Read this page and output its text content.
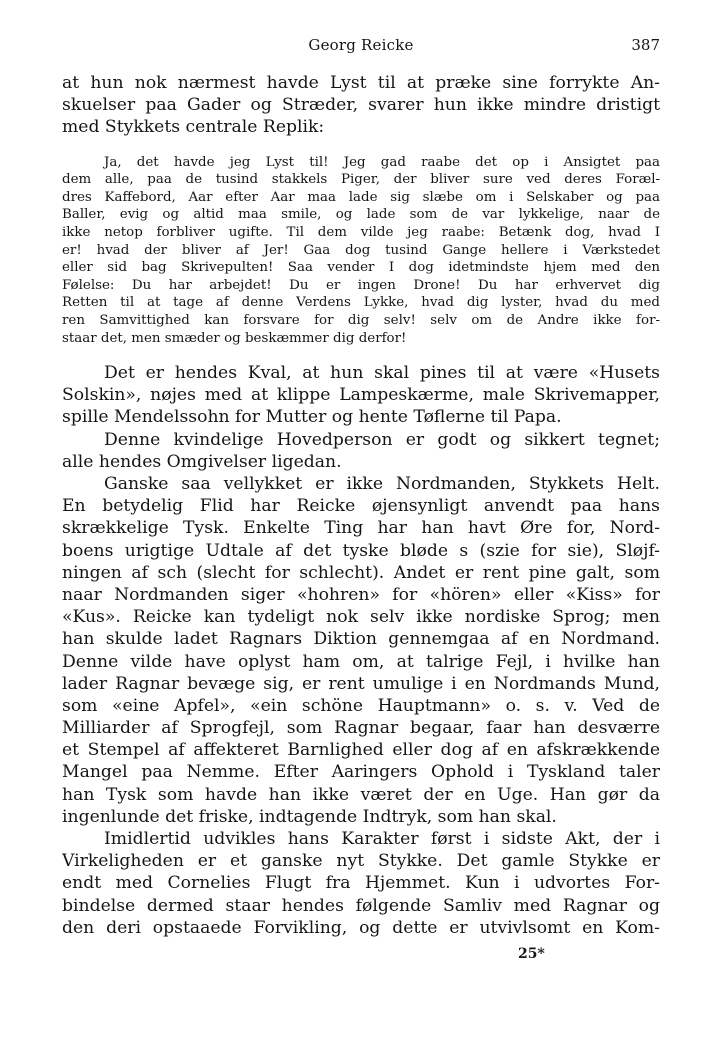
Georg Reicke	387
at hun nok nærmest havde Lyst til at præke sine forrykte An-
skuelser paa Gader og Stræder, svarer hun ikke mindre dristigt
med Stykkets centrale Replik:
Ja, det havde jeg Lyst til! Jeg gad raabe det op i Ansigtet paa
dem alle, paa de tusind stakkels Piger, der bliver sure ved deres Foræl-
dres Kaffebord, Aar efter Aar maa lade sig slæbe om i Selskaber og paa
Baller, evig og altid maa smile, og lade som de var lykkelige, naar de
ikke netop forbliver ugifte. Til dem vilde jeg raabe: Betænk dog, hvad I
er! hvad der bliver af Jer! Gaa dog tusind Gange hellere i Værkstedet
eller sid bag Skrivepulten! Saa vender I dog idetmindste hjem med den
Følelse: Du har arbejdet! Du er ingen Drone! Du har erhvervet dig
Retten til at tage af denne Verdens Lykke, hvad dig lyster, hvad du med
ren Samvittighed kan forsvare for dig selv! selv om de Andre ikke for-
staar det, men smæder og beskæmmer dig derfor!
Det er hendes Kval, at hun skal pines til at være «Husets
Solskin», nøjes med at klippe Lampeskærme, male Skrivemapper,
spille Mendelssohn for Mutter og hente Tøflerne til Papa.
Denne kvindelige Hovedperson er godt og sikkert tegnet;
alle hendes Omgivelser ligedan.
Ganske saa vellykket er ikke Nordmanden, Stykkets Helt.
En betydelig Flid har Reicke øjensynligt anvendt paa hans
skrækkelige Tysk. Enkelte Ting har han havt Øre for, Nord-
boens urigtige Udtale af det tyske bløde s (szie for sie), Sløjf-
ningen af sch (slecht for schlecht). Andet er rent pine galt, som
naar Nordmanden siger «hohren» for «hören» eller «Kiss» for
«Kus». Reicke kan tydeligt nok selv ikke nordiske Sprog; men
han skulde ladet Ragnars Diktion gennemgaa af en Nordmand.
Denne vilde have oplyst ham om, at talrige Fejl, i hvilke han
lader Ragnar bevæge sig, er rent umulige i en Nordmands Mund,
som «eine Apfel», «ein schöne Hauptmann» o. s. v. Ved de
Milliarder af Sprogfejl, som Ragnar begaar, faar han desværre
et Stempel af affekteret Barnlighed eller dog af en afskrækkende
Mangel paa Nemme. Efter Aaringers Ophold i Tyskland taler
han Tysk som havde han ikke været der en Uge. Han gør da
ingenlunde det friske, indtagende Indtryk, som han skal.
Imidlertid udvikles hans Karakter først i sidste Akt, der i
Virkeligheden er et ganske nyt Stykke. Det gamle Stykke er
endt med Cornelies Flugt fra Hjemmet. Kun i udvortes For-
bindelse dermed staar hendes følgende Samliv med Ragnar og
den deri opstaaede Forvikling, og dette er utvivlsomt en Kom-
25*
